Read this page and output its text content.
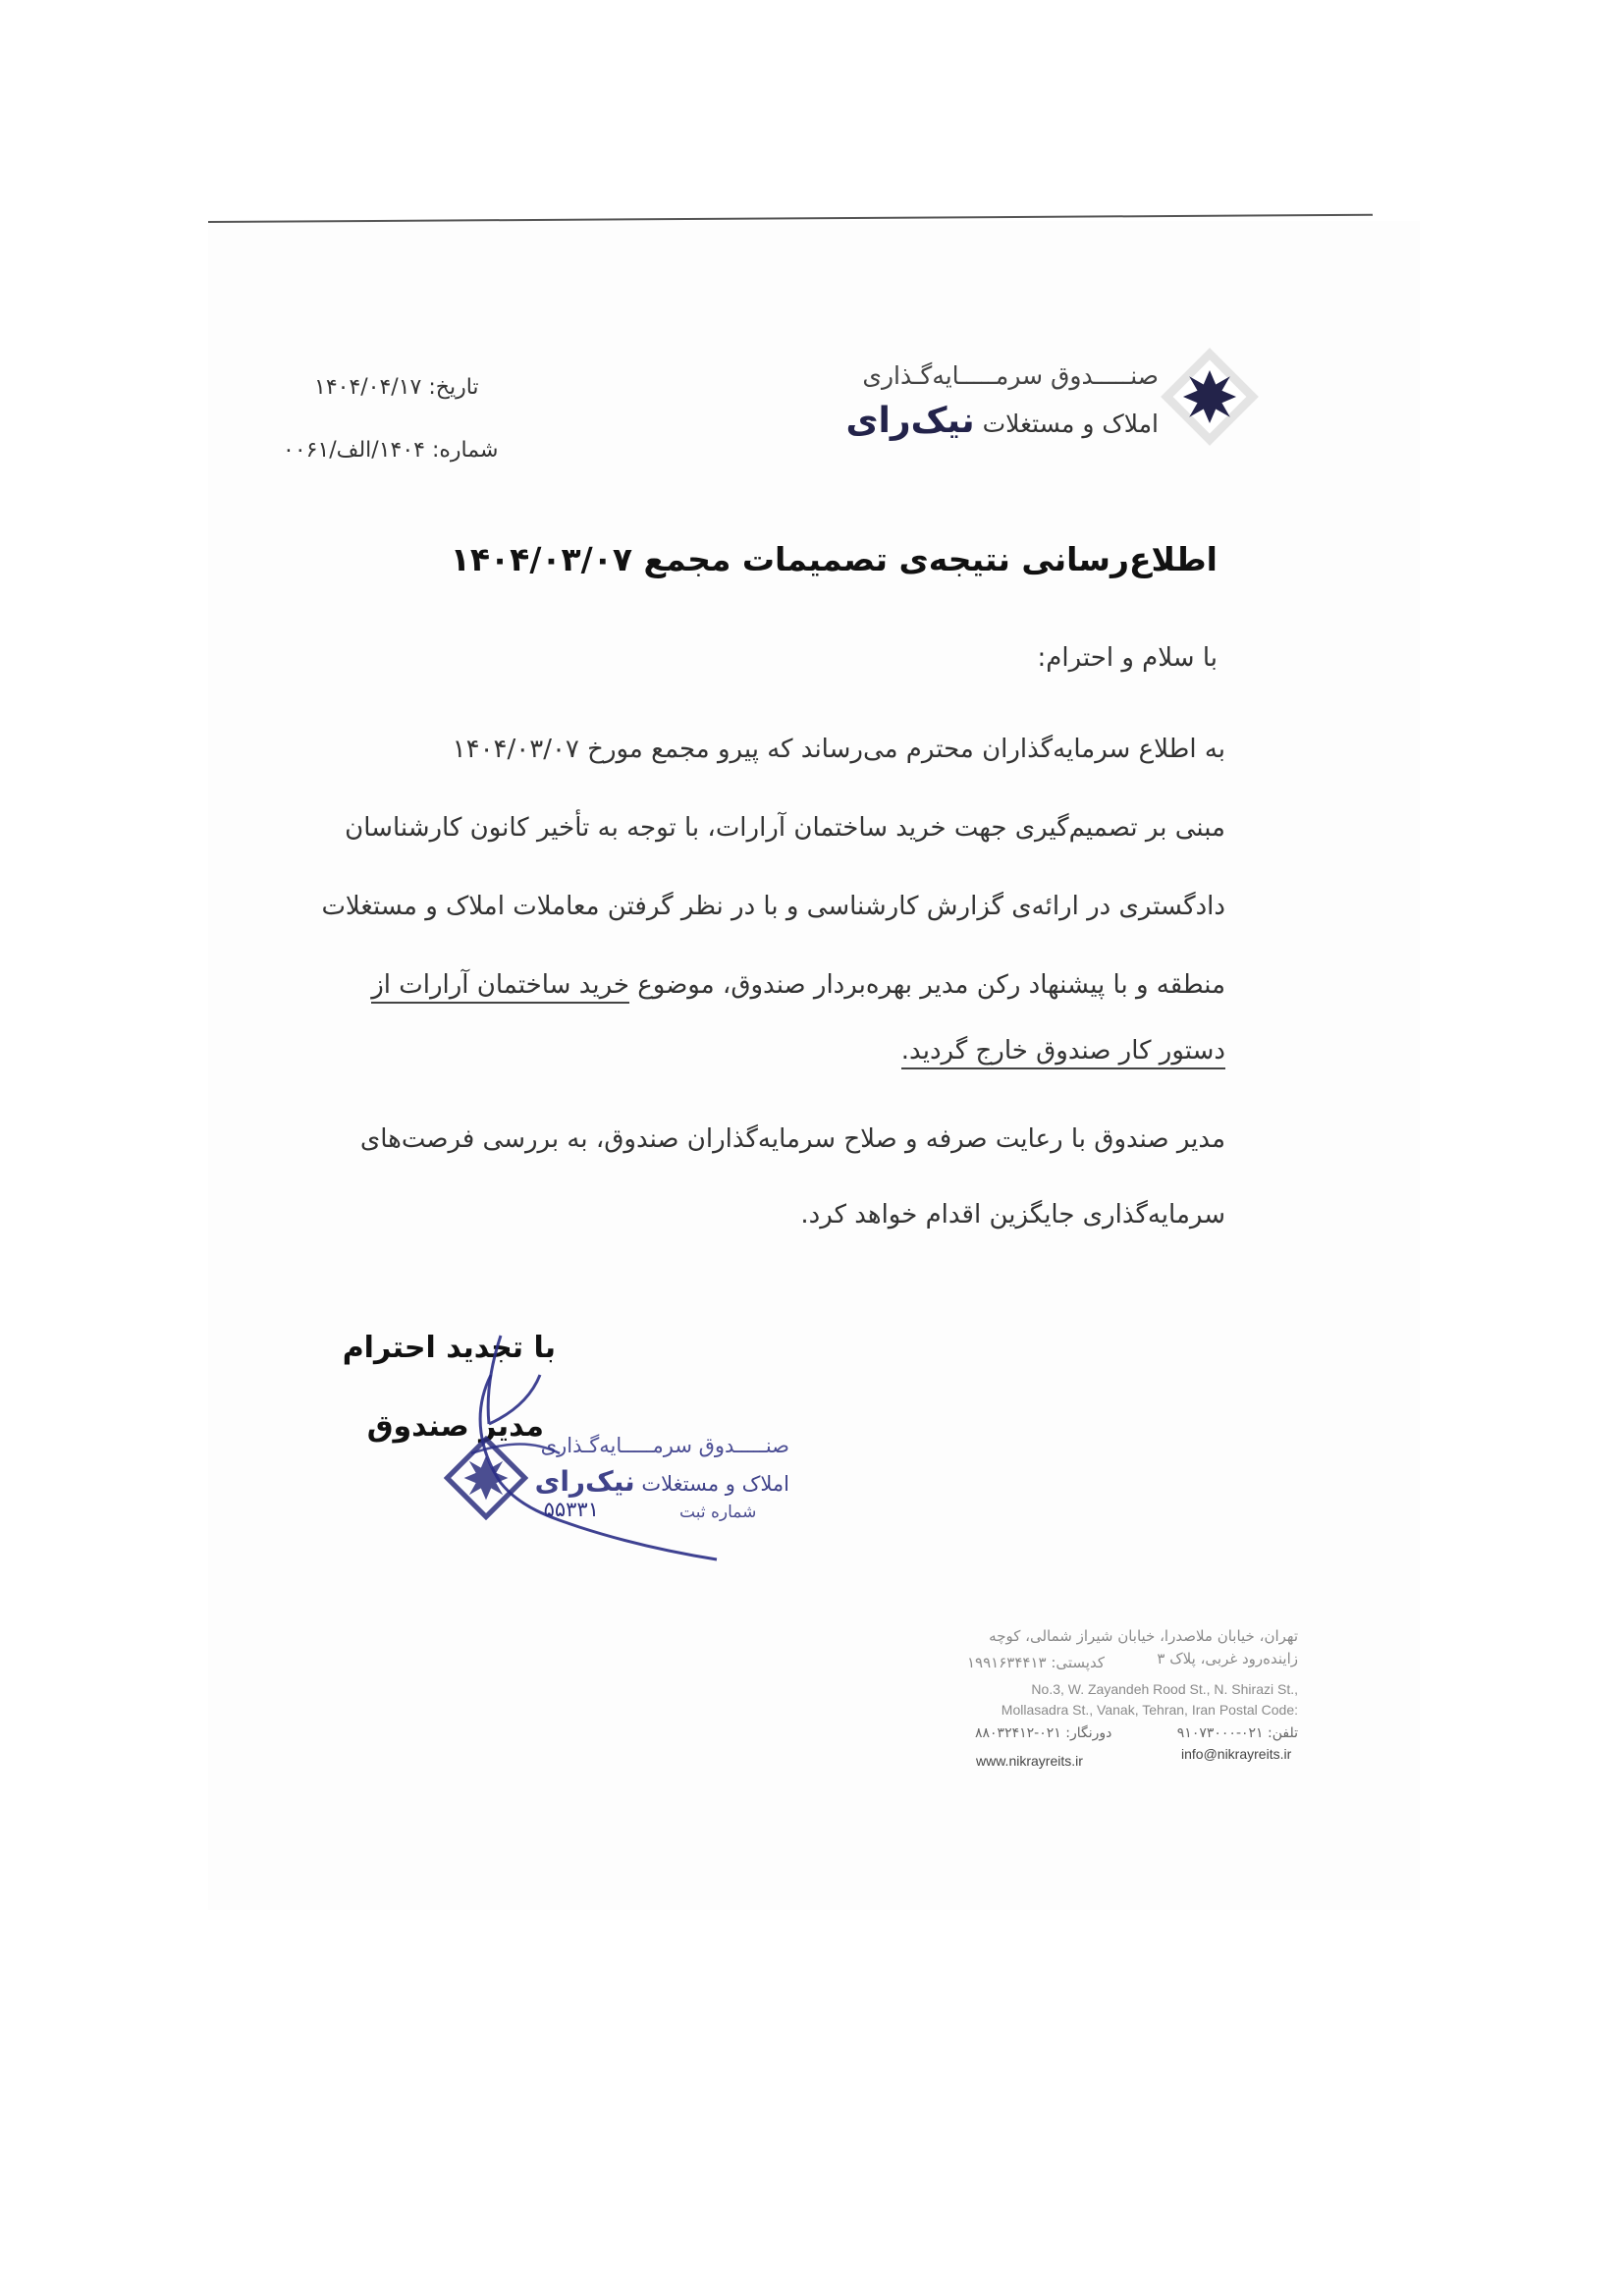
صنـــــدوق سرمـــــایه‌گـذاری
املاک و مستغلات نیک‌رای
تاریخ: ۱۴۰۴/۰۴/۱۷
شماره: ۱۴۰۴/الف/۰۰۶۱
اطلاع‌رسانی نتیجه‌ی تصمیمات مجمع ۱۴۰۴/۰۳/۰۷
با سلام و احترام:
به اطلاع سرمایه‌گذاران محترم می‌رساند که پیرو مجمع مورخ ۱۴۰۴/۰۳/۰۷
مبنی بر تصمیم‌گیری جهت خرید ساختمان آرارات، با توجه به تأخیر کانون کارشناسان
دادگستری در ارائه‌ی گزارش کارشناسی و با در نظر گرفتن معاملات املاک و مستغلات
منطقه و با پیشنهاد رکن مدیر بهره‌بردار صندوق، موضوع خرید ساختمان آرارات از
دستور کار صندوق خارج گردید.
مدیر صندوق با رعایت صرفه و صلاح سرمایه‌گذاران صندوق، به بررسی فرصت‌های
سرمایه‌گذاری جایگزین اقدام خواهد کرد.
با تجدید احترام
مدیر صندوق
صنـــــدوق سرمـــــایه‌گـذاری
املاک و مستغلات نیک‌رای
۵۵۳۳۱	شماره ثبت
تهران، خیابان ملاصدرا، خیابان شیراز شمالی، کوچه
زاینده‌رود غربی، پلاک ۳
کدپستی: ۱۹۹۱۶۳۴۴۱۳
No.3, W. Zayandeh Rood St., N. Shirazi St.,
Mollasadra St., Vanak, Tehran, Iran Postal Code:
تلفن: ۰۲۱-۹۱۰۷۳۰۰۰
دورنگار: ۰۲۱-۸۸۰۳۲۴۱۲
www.nikrayreits.ir	info@nikrayreits.ir
